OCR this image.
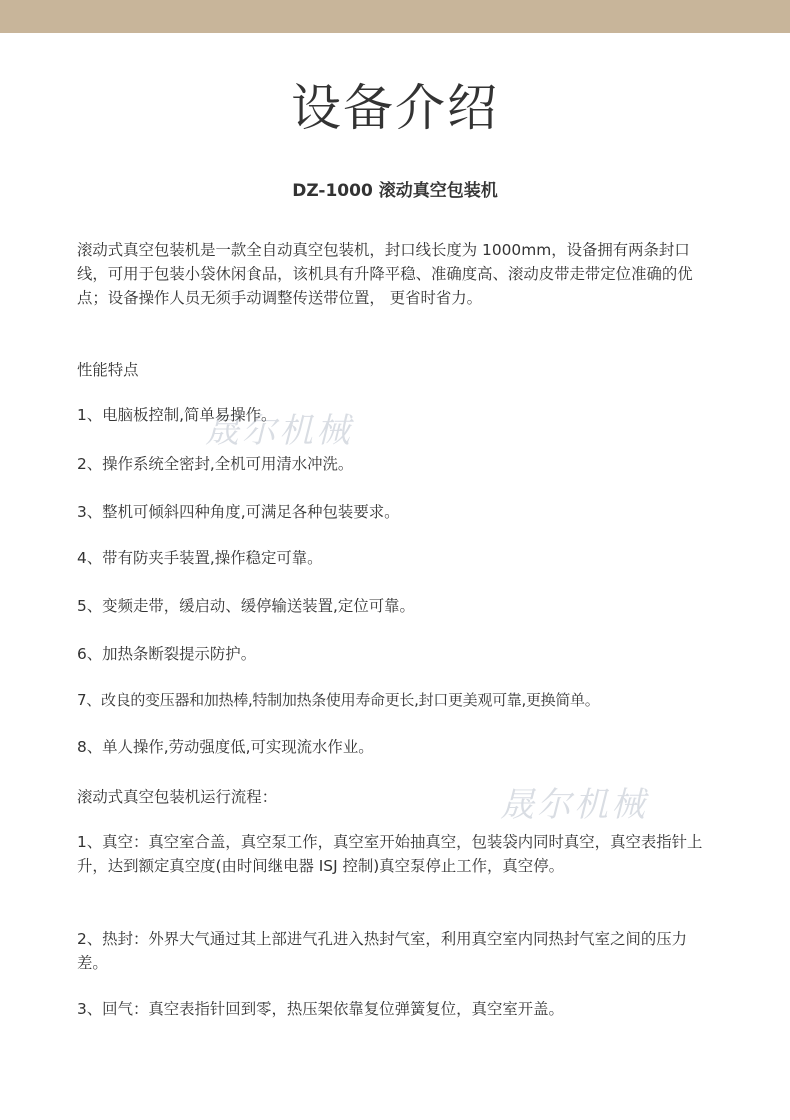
晟尔机械
晟尔机械
设备介绍
DZ-1000 滚动真空包装机

滚动式真空包装机是一款全自动真空包装机，封口线长度为 1000mm，设备拥有两条封口线，可用于包装小袋休闲食品，该机具有升降平稳、准确度高、滚动皮带走带定位准确的优点；设备操作人员无须手动调整传送带位置， 更省时省力。

性能特点

1、电脑板控制,简单易操作。

2、操作系统全密封,全机可用清水冲洗。

3、整机可倾斜四种角度,可满足各种包装要求。

4、带有防夹手装置,操作稳定可靠。

5、变频走带，缓启动、缓停输送装置,定位可靠。

6、加热条断裂提示防护。

7、改良的变压器和加热棒,特制加热条使用寿命更长,封口更美观可靠,更换简单。

8、单人操作,劳动强度低,可实现流水作业。

滚动式真空包装机运行流程：

1、真空：真空室合盖，真空泵工作，真空室开始抽真空，包装袋内同时真空，真空表指针上升，达到额定真空度(由时间继电器 ISJ 控制)真空泵停止工作，真空停。

2、热封：外界大气通过其上部进气孔进入热封气室，利用真空室内同热封气室之间的压力差。

3、回气：真空表指针回到零，热压架依靠复位弹簧复位，真空室开盖。
